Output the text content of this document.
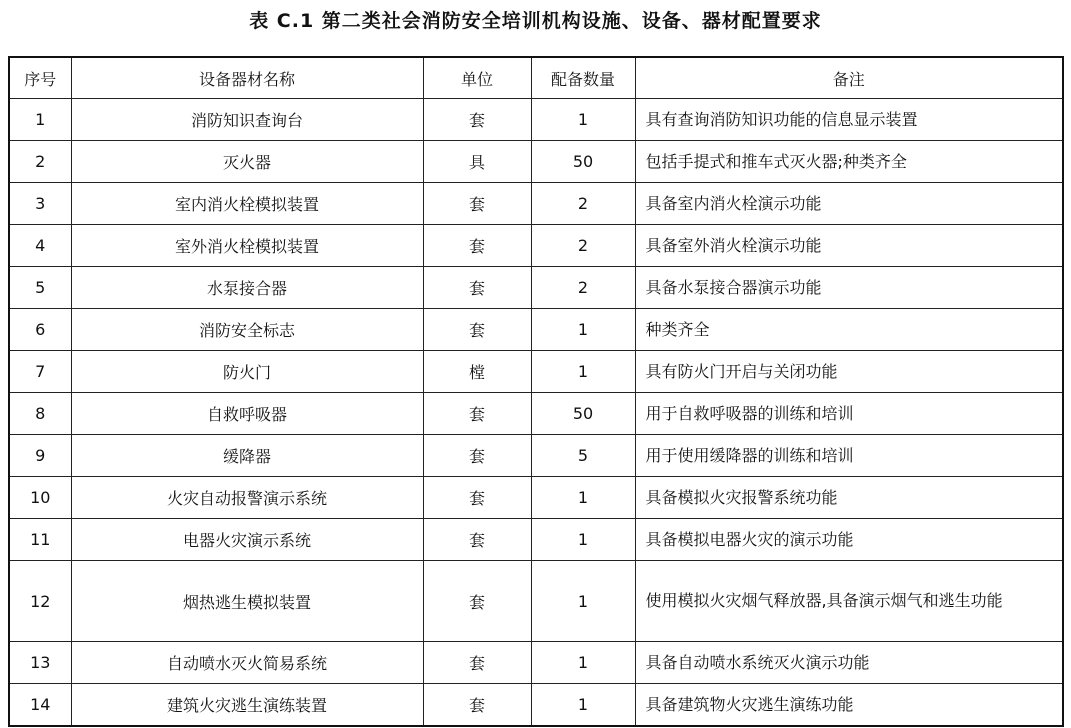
表 C.1 第二类社会消防安全培训机构设施、设备、器材配置要求
序号	设备器材名称	单位	配备数量	备注
1	消防知识查询台	套	1	具有查询消防知识功能的信息显示装置
2	灭火器	具	50	包括手提式和推车式灭火器;种类齐全
3	室内消火栓模拟装置	套	2	具备室内消火栓演示功能
4	室外消火栓模拟装置	套	2	具备室外消火栓演示功能
5	水泵接合器	套	2	具备水泵接合器演示功能
6	消防安全标志	套	1	种类齐全
7	防火门	樘	1	具有防火门开启与关闭功能
8	自救呼吸器	套	50	用于自救呼吸器的训练和培训
9	缓降器	套	5	用于使用缓降器的训练和培训
10	火灾自动报警演示系统	套	1	具备模拟火灾报警系统功能
11	电器火灾演示系统	套	1	具备模拟电器火灾的演示功能
12	烟热逃生模拟装置	套	1	使用模拟火灾烟气释放器,具备演示烟气和逃生功能
13	自动喷水灭火简易系统	套	1	具备自动喷水系统灭火演示功能
14	建筑火灾逃生演练装置	套	1	具备建筑物火灾逃生演练功能
